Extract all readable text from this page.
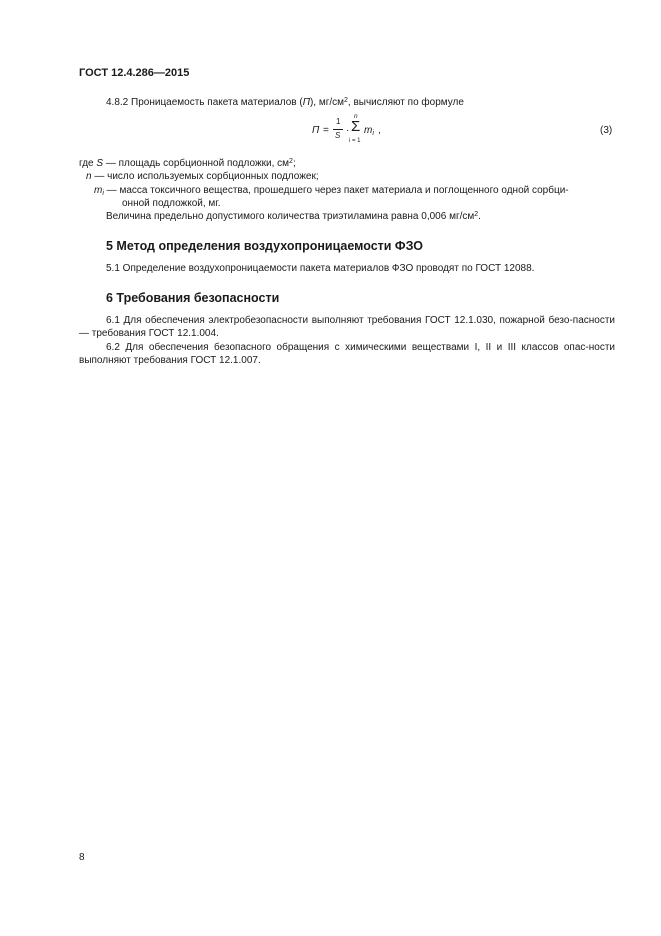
ГОСТ 12.4.286—2015
4.8.2 Проницаемость пакета материалов (П), $мг/см^2$, вычисляют по формуле
П =
1
S ·
n
Σ
i = 1
$m_i$ ,	(3)
где S — площадь сорбционной подложки, $см^2$;
n — число используемых сорбционных подложек;
$m_i$ — масса токсичного вещества, прошедшего через пакет материала и поглощенного одной сорбци-
онной подложкой, мг.
Величина предельно допустимого количества триэтиламина равна 0,006 $мг/см^2$.
5 Метод определения воздухопроницаемости ФЗО
5.1 Определение воздухопроницаемости пакета материалов ФЗО проводят по ГОСТ 12088.
6 Требования безопасности
6.1 Для обеспечения электробезопасности выполняют требования ГОСТ 12.1.030, пожарной безо-пасности — требования ГОСТ 12.1.004.
6.2 Для обеспечения безопасного обращения с химическими веществами I, II и III классов опас-ности выполняют требования ГОСТ 12.1.007.
8
